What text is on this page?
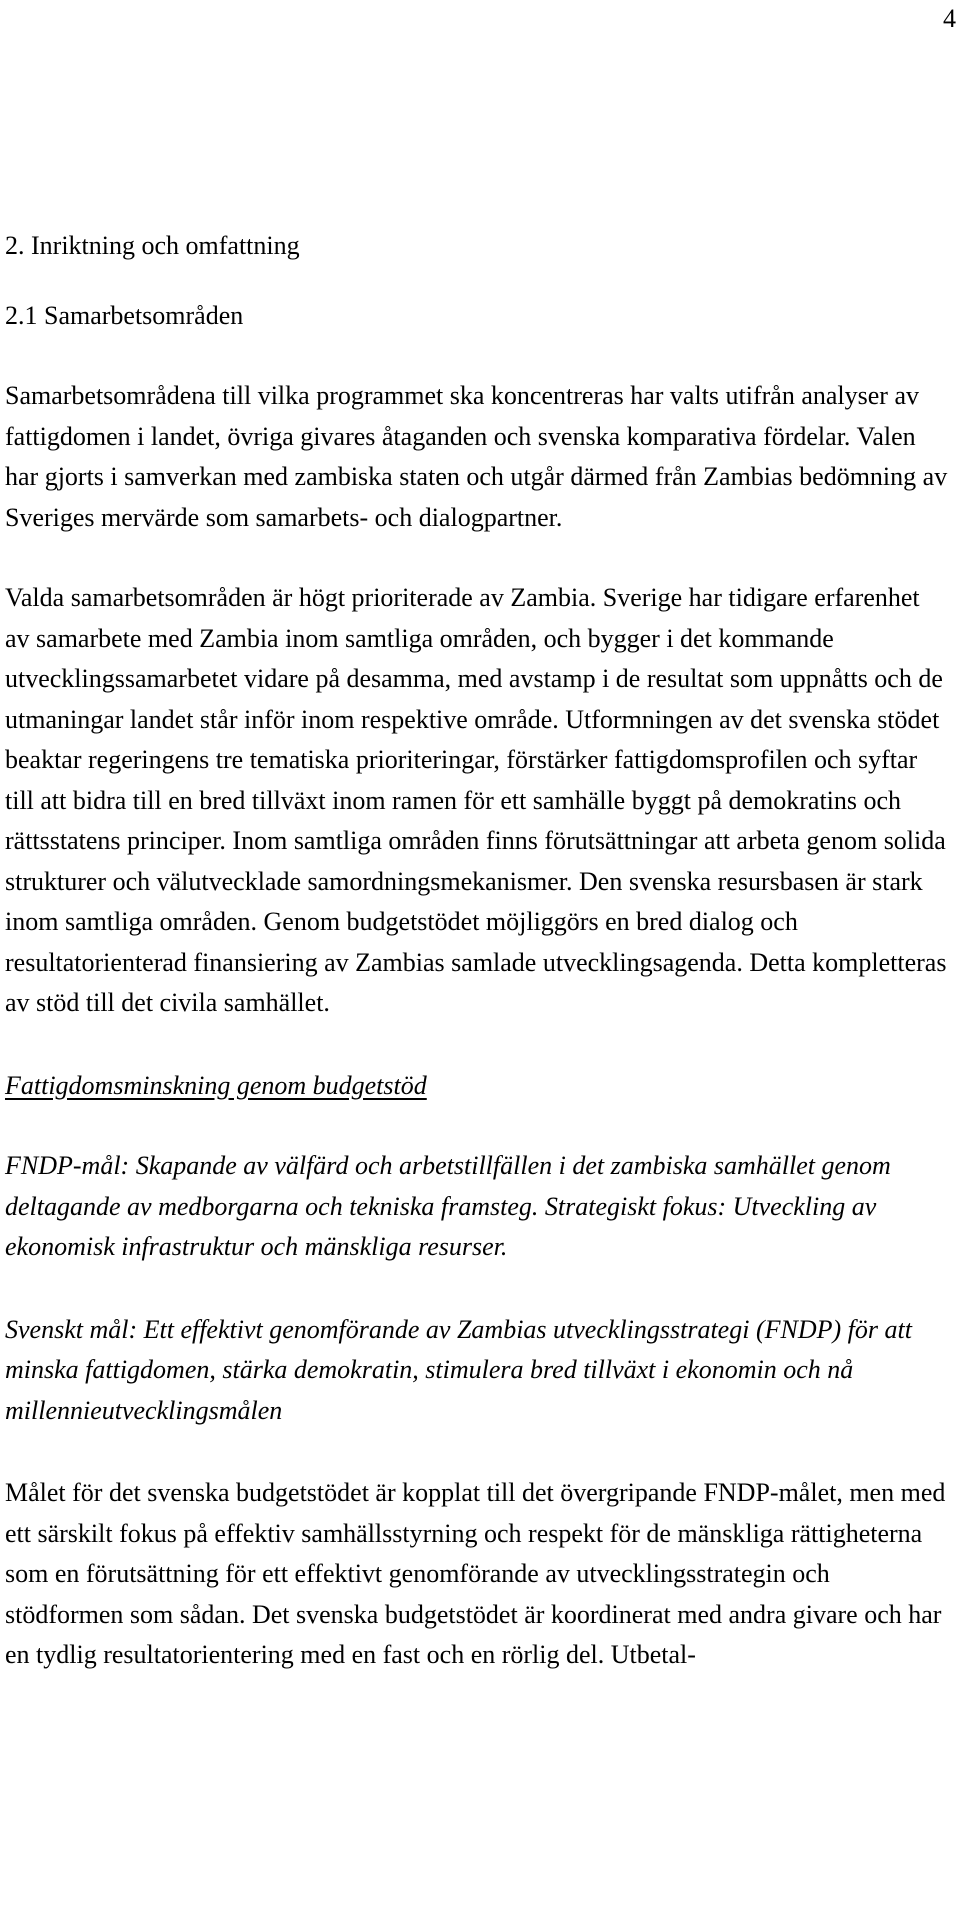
4
2. Inriktning och omfattning
2.1 Samarbetsområden

Samarbetsområdena till vilka programmet ska koncentreras har valts utifrån analyser av fattigdomen i landet, övriga givares åtaganden och svenska komparativa fördelar. Valen har gjorts i samverkan med zambiska staten och utgår därmed från Zambias bedömning av Sveriges mervärde som samarbets- och dialogpartner.

Valda samarbetsområden är högt prioriterade av Zambia. Sverige har tidigare erfarenhet av samarbete med Zambia inom samtliga områden, och bygger i det kommande utvecklingssamarbetet vidare på desamma, med avstamp i de resultat som uppnåtts och de utmaningar landet står inför inom respektive område. Utformningen av det svenska stödet beaktar regeringens tre tematiska prioriteringar, förstärker fattigdomsprofilen och syftar till att bidra till en bred tillväxt inom ramen för ett samhälle byggt på demokratins och rättsstatens principer. Inom samtliga områden finns förutsättningar att arbeta genom solida strukturer och välutvecklade samordningsmekanismer. Den svenska resursbasen är stark inom samtliga områden. Genom budgetstödet möjliggörs en bred dialog och resultatorienterad finansiering av Zambias samlade utvecklingsagenda. Detta kompletteras av stöd till det civila samhället.

Fattigdomsminskning genom budgetstöd

FNDP-mål: Skapande av välfärd och arbetstillfällen i det zambiska samhället genom deltagande av medborgarna och tekniska framsteg. Strategiskt fokus: Utveckling av ekonomisk infrastruktur och mänskliga resurser.

Svenskt mål: Ett effektivt genomförande av Zambias utvecklingsstrategi (FNDP) för att minska fattigdomen, stärka demokratin, stimulera bred tillväxt i ekonomin och nå millennieutvecklingsmålen

Målet för det svenska budgetstödet är kopplat till det övergripande FNDP-målet, men med ett särskilt fokus på effektiv samhällsstyrning och respekt för de mänskliga rättigheterna som en förutsättning för ett effektivt genomförande av utvecklingsstrategin och stödformen som sådan. Det svenska budgetstödet är koordinerat med andra givare och har en tydlig resultatorientering med en fast och en rörlig del. Utbetal-
